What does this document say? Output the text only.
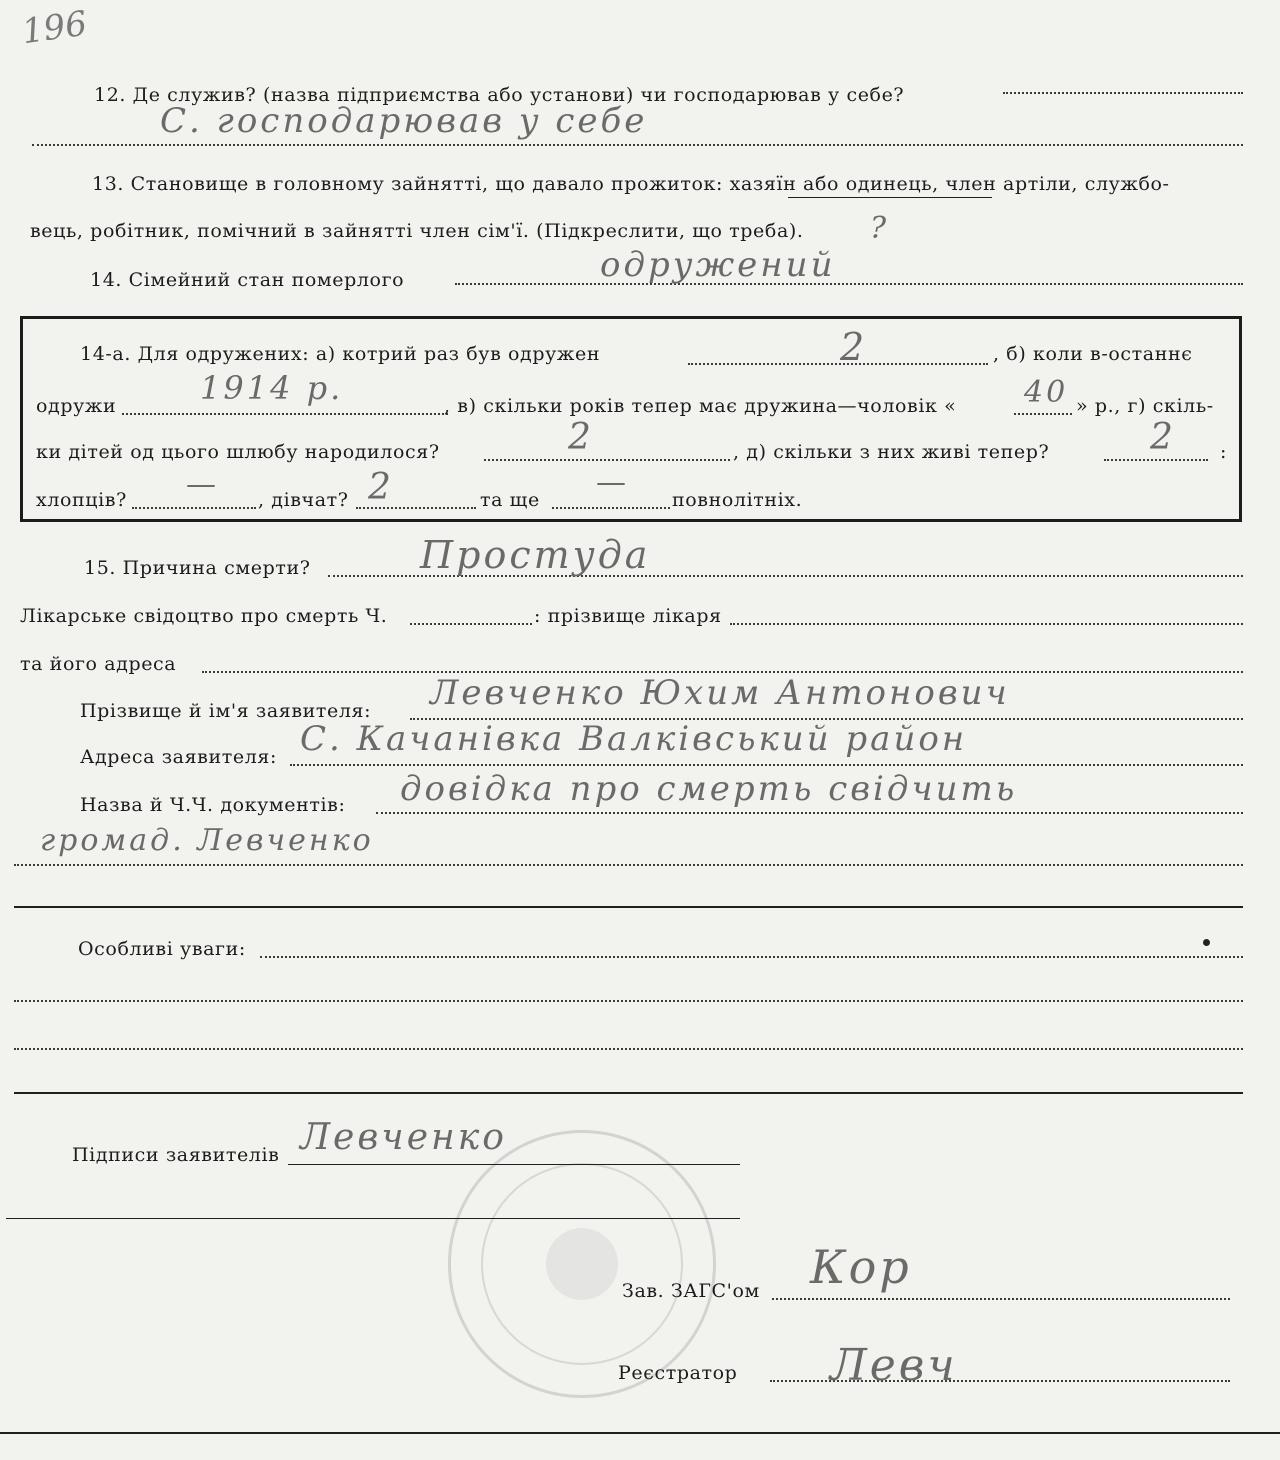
196
12. Де служив? (назва підприємства або установи) чи господарював у себе?
С. господарював у себе
13. Становище в головному зайнятті, що давало прожиток: хазяїн або одинець, член артіли, службо-
вець, робітник, помічний в зайнятті член сім'ї. (Підкреслити, що треба). ?
14. Сімейний стан померлого	одружений
14-а. Для одружених: а) котрий раз був одружен	2	, б) коли в-останнє
одружи	1914 р.	, в) скільки років тепер має дружина—чоловік « 40 » р., г) скіль-
ки дітей од цього шлюбу народилося?	2	, д) скільки з них живі тепер?	2 :
хлопців? — , дівчат? 2	та ще — повнолітніх.
15. Причина смерти?	Простуда
Лікарське свідоцтво про смерть Ч.	: прізвище лікаря
та його адреса
Прізвище й ім'я заявителя: Левченко Юхим Антонович
Адреса заявителя: С. Качанівка Валківський район
Назва й Ч.Ч. документів: довідка про смерть свідчить
громад. Левченко
Особливі уваги:
Підписи заявителів Левченко
Зав. ЗАГС'ом Кор
Реєстратор Левч
